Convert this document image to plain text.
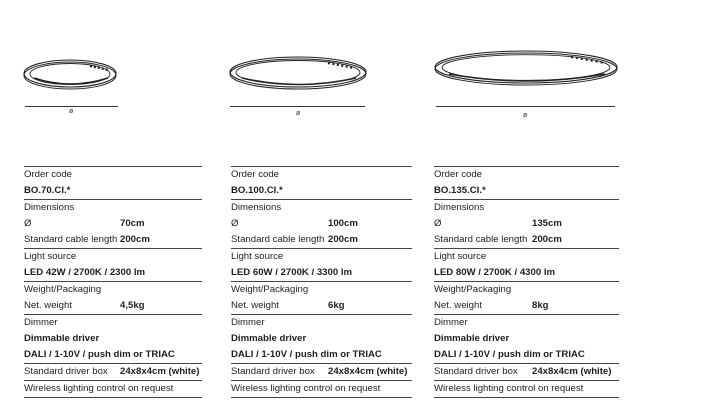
ø
Order code
BO.70.CI.*
Dimensions
Ø	70cm
Standard cable length 200cm
Light source
LED 42W / 2700K / 2300 lm
Weight/Packaging
Net. weight	4,5kg
Dimmer
Dimmable driver
DALI / 1-10V / push dim or TRIAC
Standard driver box 24x8x4cm (white)
Wireless lighting control on request
ø
Order code
BO.100.CI.*
Dimensions
Ø	100cm
Standard cable length 200cm
Light source
LED 60W / 2700K / 3300 lm
Weight/Packaging
Net. weight	6kg
Dimmer
Dimmable driver
DALI / 1-10V / push dim or TRIAC
Standard driver box 24x8x4cm (white)
Wireless lighting control on request
ø
Order code
BO.135.CI.*
Dimensions
Ø	135cm
Standard cable length 200cm
Light source
LED 80W / 2700K / 4300 lm
Weight/Packaging
Net. weight	8kg
Dimmer
Dimmable driver
DALI / 1-10V / push dim or TRIAC
Standard driver box 24x8x4cm (white)
Wireless lighting control on request
